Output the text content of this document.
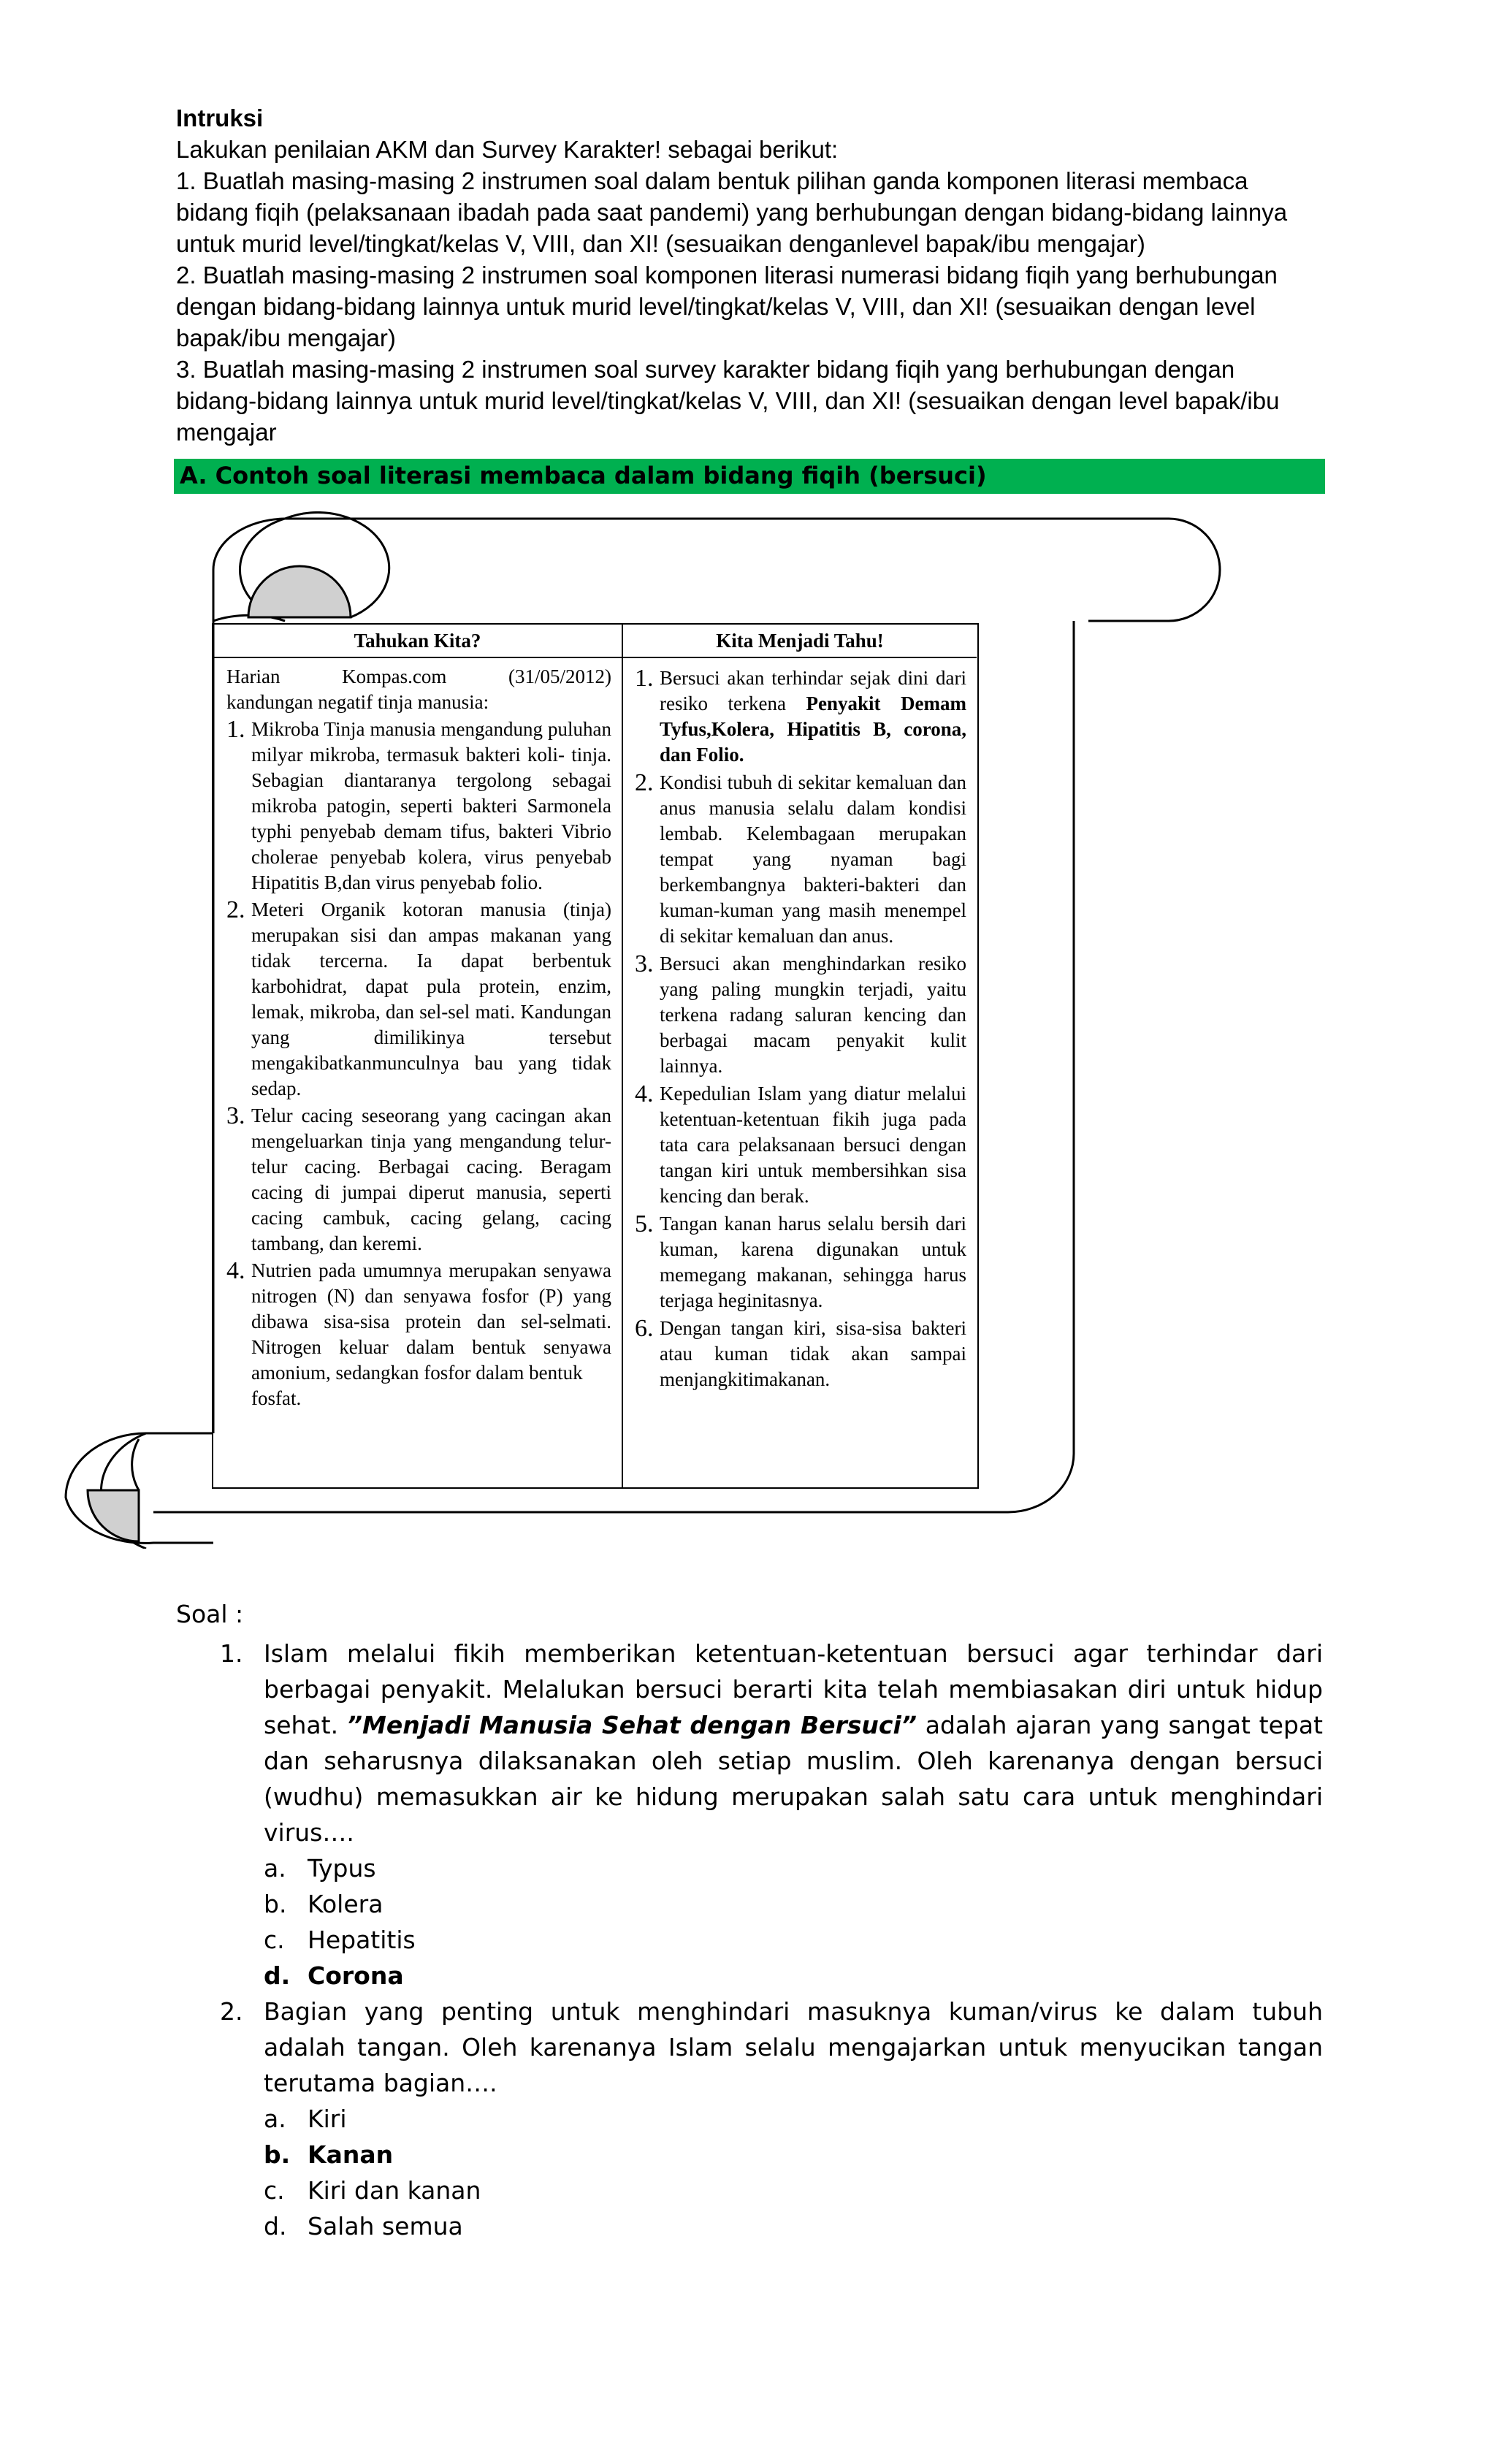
Intruksi

Lakukan penilaian AKM dan Survey Karakter! sebagai berikut:

1. Buatlah masing-masing 2 instrumen soal dalam bentuk pilihan ganda komponen literasi membaca bidang fiqih (pelaksanaan ibadah pada saat pandemi) yang berhubungan dengan bidang-bidang lainnya untuk murid level/tingkat/kelas V, VIII, dan XI! (sesuaikan denganlevel bapak/ibu mengajar)

2. Buatlah masing-masing 2 instrumen soal komponen literasi numerasi bidang fiqih yang berhubungan dengan bidang-bidang lainnya untuk murid level/tingkat/kelas V, VIII, dan XI! (sesuaikan dengan level bapak/ibu mengajar)

3. Buatlah masing-masing 2 instrumen soal survey karakter bidang fiqih yang berhubungan dengan bidang-bidang lainnya untuk murid level/tingkat/kelas V, VIII, dan XI! (sesuaikan dengan level bapak/ibu mengajar

A. Contoh soal literasi membaca dalam bidang fiqih (bersuci)
Tahukan Kita?
Harian	Kompas.com	(31/05/2012)

kandungan negatif tinja manusia:

1. Mikroba Tinja manusia mengandung puluhan milyar mikroba, termasuk bakteri koli- tinja. Sebagian diantaranya tergolong sebagai mikroba patogin, seperti bakteri Sarmonela typhi penyebab demam tifus, bakteri Vibrio cholerae penyebab kolera, virus penyebab Hipatitis B,dan virus penyebab folio.
2. Meteri Organik kotoran manusia (tinja) merupakan sisi dan ampas makanan yang tidak tercerna. Ia dapat berbentuk karbohidrat, dapat pula protein, enzim, lemak, mikroba, dan sel-sel mati. Kandungan yang dimilikinya tersebut mengakibatkanmunculnya bau yang tidak sedap.
3. Telur cacing seseorang yang cacingan akan mengeluarkan tinja yang mengandung telur-telur cacing. Berbagai cacing. Beragam cacing di jumpai diperut manusia, seperti cacing cambuk, cacing gelang, cacing tambang, dan keremi.
4. Nutrien pada umumnya merupakan senyawa nitrogen (N) dan senyawa fosfor (P) yang dibawa sisa-sisa protein dan sel-selmati. Nitrogen keluar dalam bentuk senyawa amonium, sedangkan fosfor dalam bentuk

fosfat.

Kita Menjadi Tahu!
1. Bersuci akan terhindar sejak dini dari resiko terkena Penyakit Demam Tyfus,Kolera, Hipatitis B, corona, dan Folio.
2. Kondisi tubuh di sekitar kemaluan dan anus manusia selalu dalam kondisi lembab. Kelembagaan merupakan tempat yang nyaman bagi berkembangnya bakteri-bakteri dan kuman-kuman yang masih menempel di sekitar kemaluan dan anus.
3. Bersuci akan menghindarkan resiko yang paling mungkin terjadi, yaitu terkena radang saluran kencing dan berbagai macam penyakit kulit lainnya.
4. Kepedulian Islam yang diatur melalui ketentuan-ketentuan fikih juga pada tata cara pelaksanaan bersuci dengan tangan kiri untuk membersihkan sisa kencing dan berak.
5. Tangan kanan harus selalu bersih dari kuman, karena digunakan untuk memegang makanan, sehingga harus terjaga heginitasnya.
6. Dengan tangan kiri, sisa-sisa bakteri atau kuman tidak akan sampai menjangkitimakanan.

Soal :

1. Islam melalui fikih memberikan ketentuan-ketentuan bersuci agar terhindar dari berbagai penyakit. Melalukan bersuci berarti kita telah membiasakan diri untuk hidup sehat. ”Menjadi Manusia Sehat dengan Bersuci” adalah ajaran yang sangat tepat dan seharusnya dilaksanakan oleh setiap muslim. Oleh karenanya dengan bersuci (wudhu) memasukkan air ke hidung merupakan salah satu cara untuk menghindari virus….
a. Typus
b. Kolera
c. Hepatitis
d. Corona
2. Bagian yang penting untuk menghindari masuknya kuman/virus ke dalam tubuh adalah tangan. Oleh karenanya Islam selalu mengajarkan untuk menyucikan tangan terutama bagian….
a. Kiri
b. Kanan
c. Kiri dan kanan
d. Salah semua
